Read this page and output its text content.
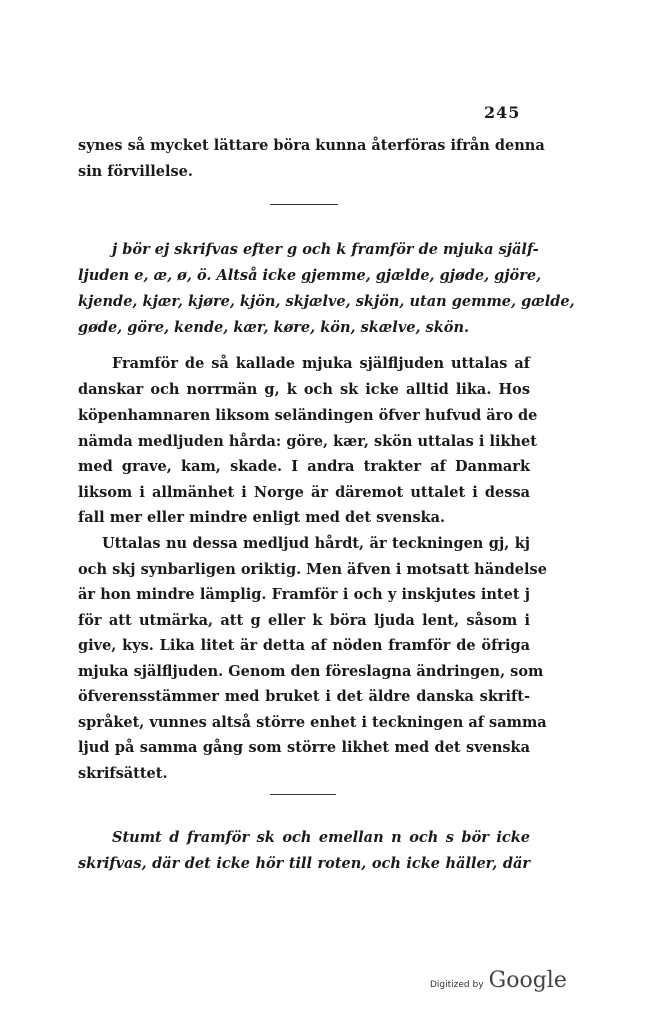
245
synes så mycket lättare böra kunna återföras ifrån denna
sin förvillelse.
j bör ej skrifvas efter g och k framför de mjuka själf-
ljuden e, æ, ø, ö. Altså icke gjemme, gjælde, gjøde, gjöre,
kjende, kjær, kjøre, kjön, skjælve, skjön, utan gemme, gælde,
gøde, göre, kende, kær, køre, kön, skælve, skön.
Framför de så kallade mjuka själfljuden uttalas af
danskar och norrmän g, k och sk icke alltid lika. Hos
köpenhamnaren liksom seländingen öfver hufvud äro de
nämda medljuden hårda: göre, kær, skön uttalas i likhet
med grave, kam, skade. I andra trakter af Danmark
liksom i allmänhet i Norge är däremot uttalet i dessa
fall mer eller mindre enligt med det svenska.
Uttalas nu dessa medljud hårdt, är teckningen gj, kj
och skj synbarligen oriktig. Men äfven i motsatt händelse
är hon mindre lämplig. Framför i och y inskjutes intet j
för att utmärka, att g eller k böra ljuda lent, såsom i
give, kys. Lika litet är detta af nöden framför de öfriga
mjuka själfljuden. Genom den föreslagna ändringen, som
öfverensstämmer med bruket i det äldre danska skrift-
språket, vunnes altså större enhet i teckningen af samma
ljud på samma gång som större likhet med det svenska
skrifsättet.
Stumt d framför sk och emellan n och s bör icke
skrifvas, där det icke hör till roten, och icke häller, där
Digitized by Google
